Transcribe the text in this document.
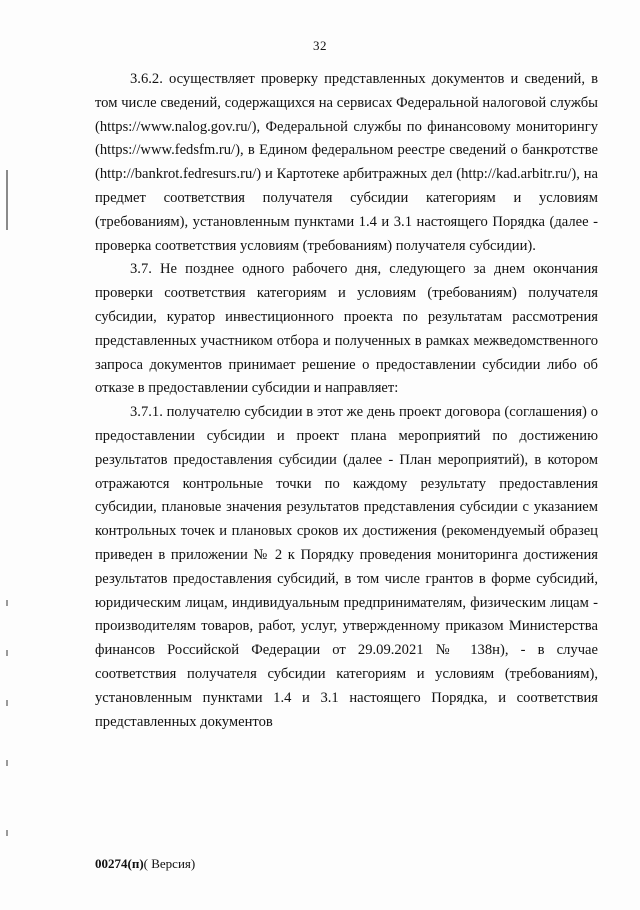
32

3.6.2. осуществляет проверку представленных документов и сведений, в том числе сведений, содержащихся на сервисах Федеральной налоговой службы (https://www.nalog.gov.ru/), Федеральной службы по финансовому мониторингу (https://www.fedsfm.ru/), в Едином федеральном реестре сведений о банкротстве (http://bankrot.fedresurs.ru/) и Картотеке арбитражных дел (http://kad.arbitr.ru/), на предмет соответствия получателя субсидии категориям и условиям (требованиям), установленным пунктами 1.4 и 3.1 настоящего Порядка (далее - проверка соответствия условиям (требованиям) получателя субсидии).

3.7. Не позднее одного рабочего дня, следующего за днем окончания проверки соответствия категориям и условиям (требованиям) получателя субсидии, куратор инвестиционного проекта по результатам рассмотрения представленных участником отбора и полученных в рамках межведомственного запроса документов принимает решение о предоставлении субсидии либо об отказе в предоставлении субсидии и направляет:

3.7.1. получателю субсидии в этот же день проект договора (соглашения) о предоставлении субсидии и проект плана мероприятий по достижению результатов предоставления субсидии (далее - План мероприятий), в котором отражаются контрольные точки по каждому результату предоставления субсидии, плановые значения результатов представления субсидии с указанием контрольных точек и плановых сроков их достижения (рекомендуемый образец приведен в приложении № 2 к Порядку проведения мониторинга достижения результатов предоставления субсидий, в том числе грантов в форме субсидий, юридическим лицам, индивидуальным предпринимателям, физическим лицам - производителям товаров, работ, услуг, утвержденному приказом Министерства финансов Российской Федерации от 29.09.2021 № 138н), - в случае соответствия получателя субсидии категориям и условиям (требованиям), установленным пунктами 1.4 и 3.1 настоящего Порядка, и соответствия представленных документов

00274(п)( Версия)
